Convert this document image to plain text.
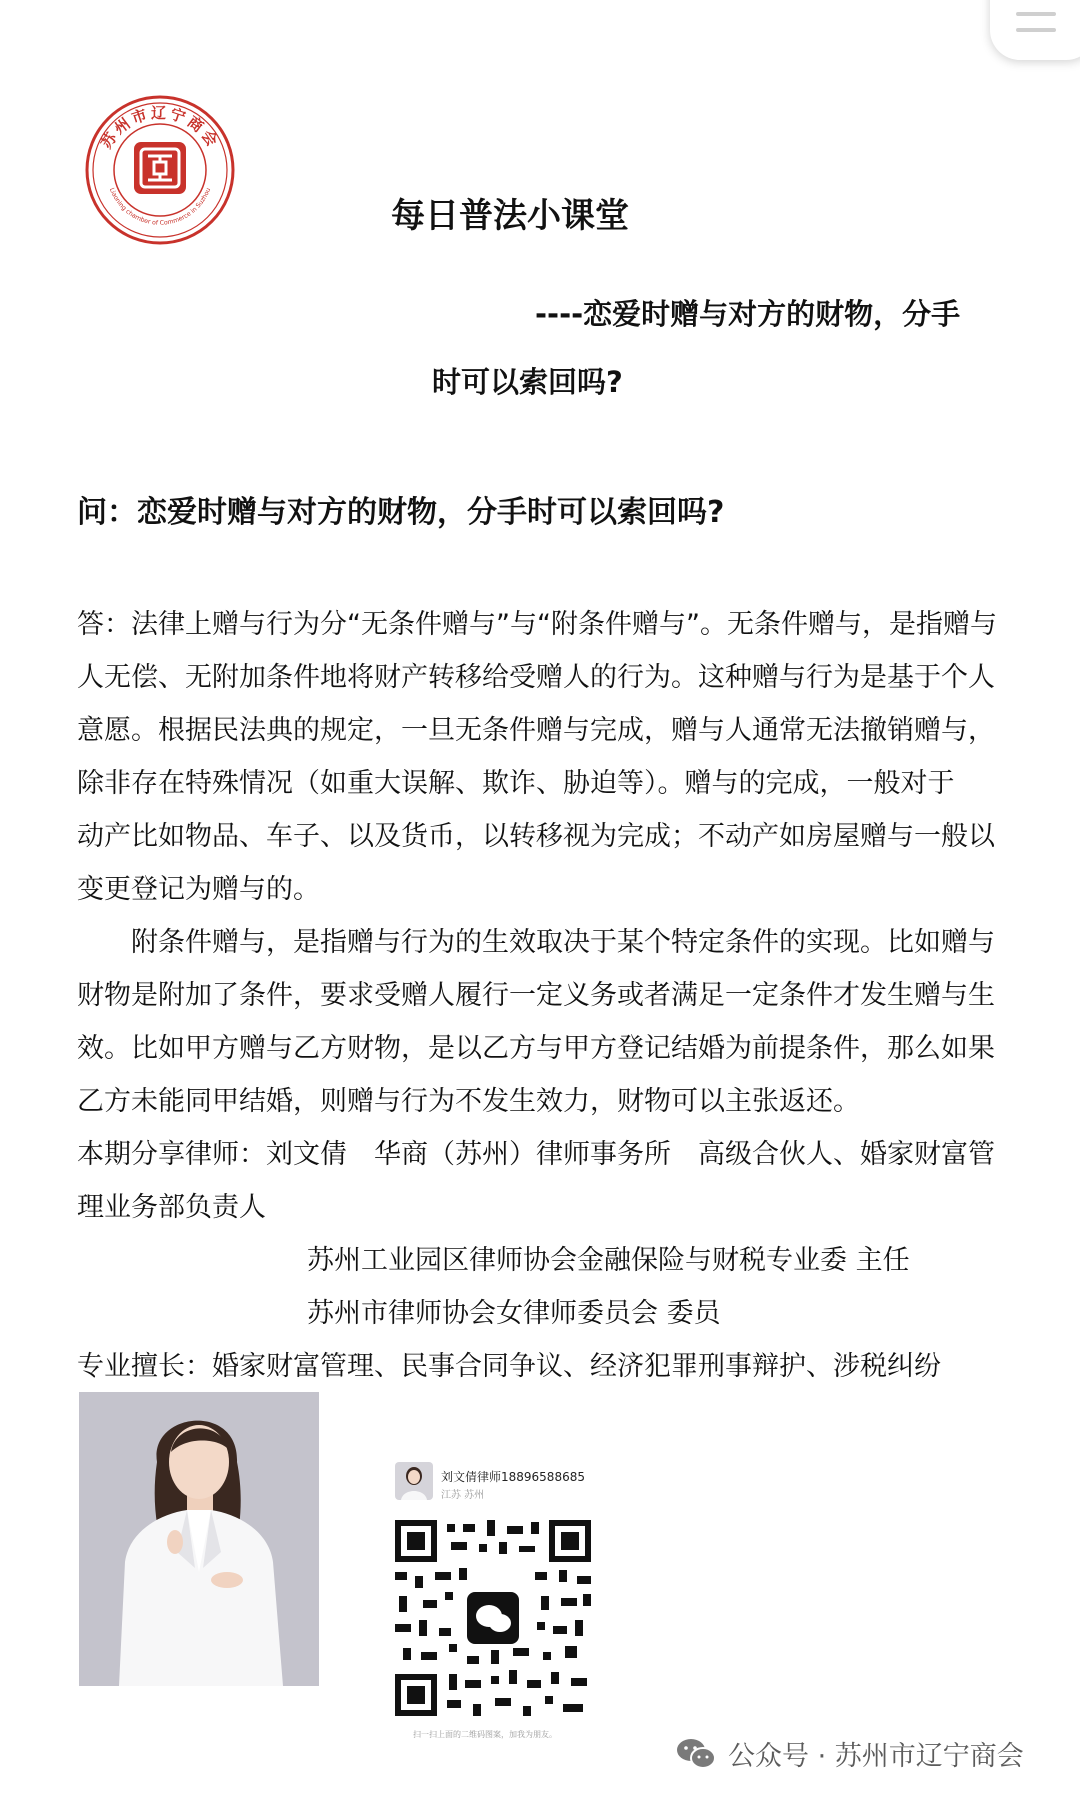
苏州市辽宁商会
Liaoning chamber of Commerce in Suzhou
每日普法小课堂
----恋爱时赠与对方的财物，分手
时可以索回吗?
问：恋爱时赠与对方的财物，分手时可以索回吗?
答：法律上赠与行为分“无条件赠与”与“附条件赠与”。无条件赠与，是指赠与
人无偿、无附加条件地将财产转移给受赠人的行为。这种赠与行为是基于个人
意愿。根据民法典的规定，一旦无条件赠与完成，赠与人通常无法撤销赠与，
除非存在特殊情况（如重大误解、欺诈、胁迫等）。赠与的完成，一般对于
动产比如物品、车子、以及货币，以转移视为完成；不动产如房屋赠与一般以
变更登记为赠与的。
附条件赠与，是指赠与行为的生效取决于某个特定条件的实现。比如赠与
财物是附加了条件，要求受赠人履行一定义务或者满足一定条件才发生赠与生
效。比如甲方赠与乙方财物，是以乙方与甲方登记结婚为前提条件，那么如果
乙方未能同甲结婚，则赠与行为不发生效力，财物可以主张返还。
本期分享律师：刘文倩　华商（苏州）律师事务所　高级合伙人、婚家财富管
理业务部负责人
苏州工业园区律师协会金融保险与财税专业委 主任
苏州市律师协会女律师委员会 委员
专业擅长：婚家财富管理、民事合同争议、经济犯罪刑事辩护、涉税纠纷
刘文倩律师18896588685
江苏 苏州
扫一扫上面的二维码图案，加我为朋友。
公众号 · 苏州市辽宁商会
